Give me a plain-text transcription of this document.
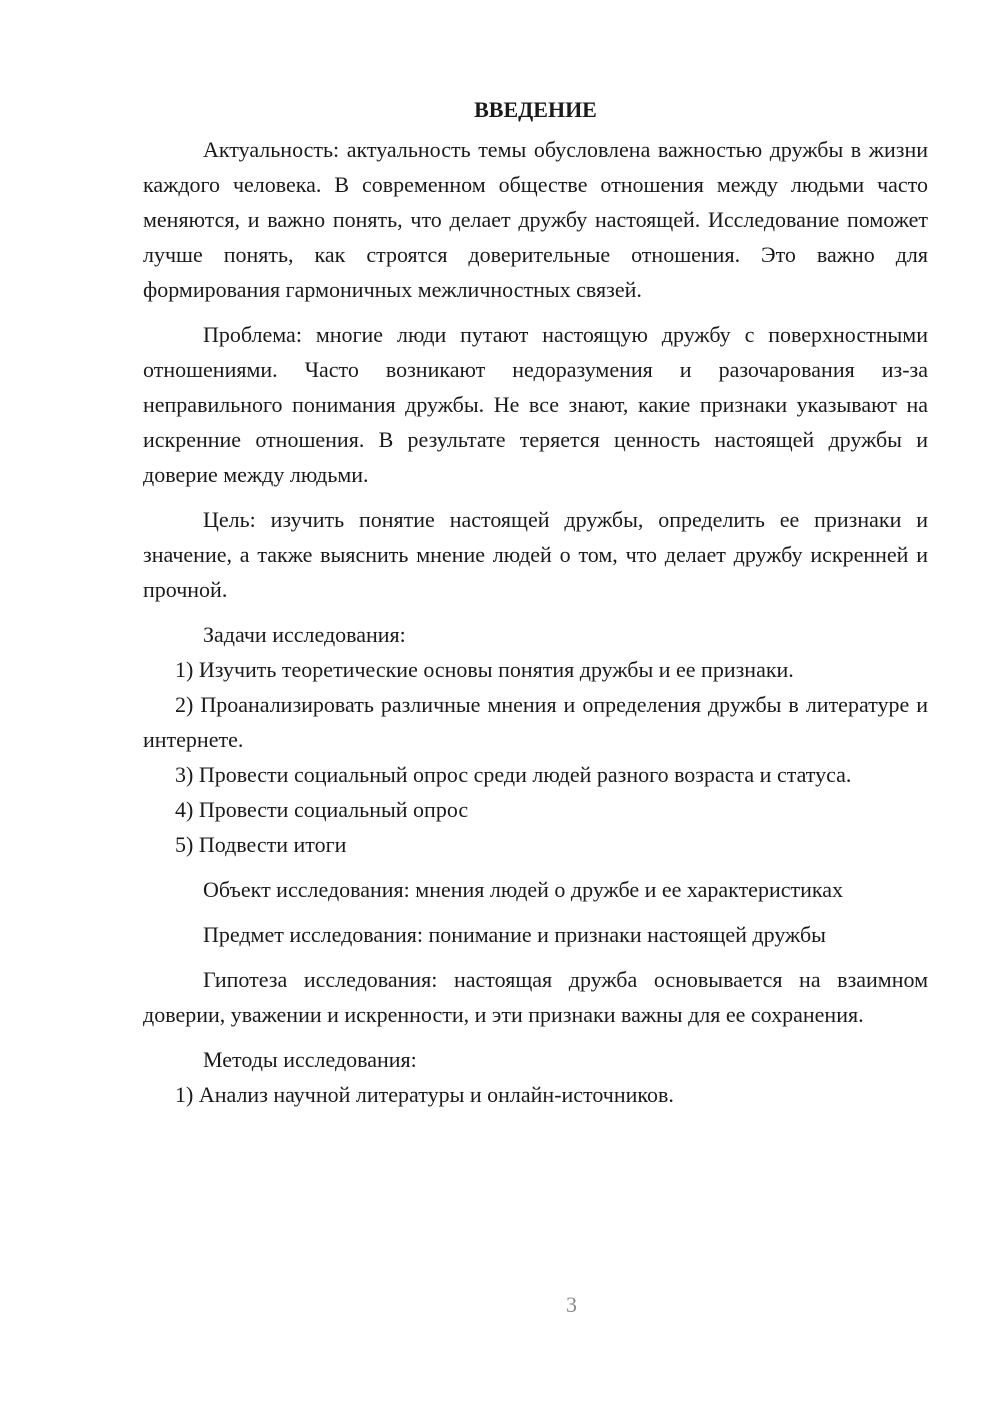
ВВЕДЕНИЕ

Актуальность: актуальность темы обусловлена важностью дружбы в жизни каждого человека. В современном обществе отношения между людьми часто меняются, и важно понять, что делает дружбу настоящей. Исследование поможет лучше понять, как строятся доверительные отношения. Это важно для формирования гармоничных межличностных связей.

Проблема: многие люди путают настоящую дружбу с поверхностными отношениями. Часто возникают недоразумения и разочарования из-за неправильного понимания дружбы. Не все знают, какие признаки указывают на искренние отношения. В результате теряется ценность настоящей дружбы и доверие между людьми.

Цель: изучить понятие настоящей дружбы, определить ее признаки и значение, а также выяснить мнение людей о том, что делает дружбу искренней и прочной.

Задачи исследования:

1) Изучить теоретические основы понятия дружбы и ее признаки.

2) Проанализировать различные мнения и определения дружбы в литературе и интернете.

3) Провести социальный опрос среди людей разного возраста и статуса.

4) Провести социальный опрос

5) Подвести итоги

Объект исследования: мнения людей о дружбе и ее характеристиках

Предмет исследования: понимание и признаки настоящей дружбы

Гипотеза исследования: настоящая дружба основывается на взаимном доверии, уважении и искренности, и эти признаки важны для ее сохранения.

Методы исследования:

1) Анализ научной литературы и онлайн-источников.

3
